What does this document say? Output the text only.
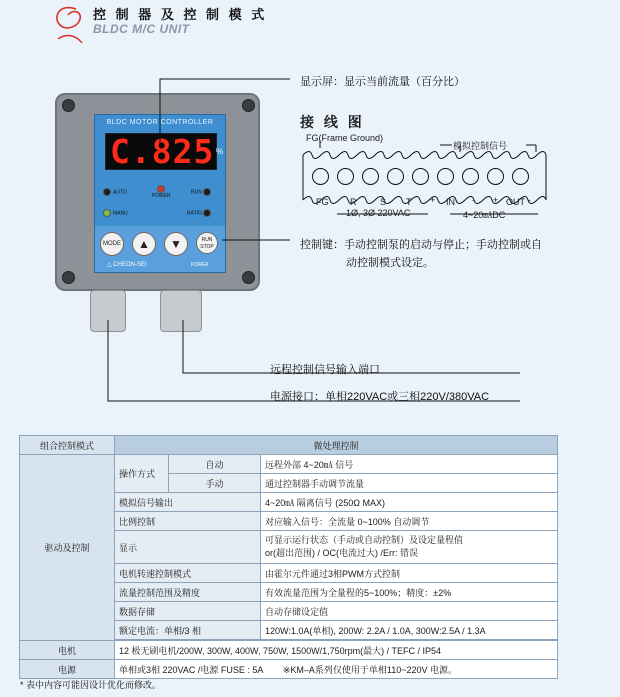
控 制 器 及 控 制 模 式
BLDC M/C UNIT
BLDC MOTOR CONTROLLER
C.825 %
AUTO

POWER
RUN
MANU	RATIO
MODE	▲	▼	RUN
STOP
△ CHEON-SEI	KOREA
显示屏：显示当前流量（百分比）
控制键：手动控制泵的启动与停止；手动控制或自
动控制模式设定。
远程控制信号输入端口
电源接口：单相220VAC或三相220V/380VAC
接 线 图
FG(Frame Ground)
模拟控制信号
FG R	S T + IN - + OUT -
1Ø, 3Ø 220VAC	4~20㎃DC
组合控制模式	微处理控制		
驱动及控制	操作方式	自动	远程外部 4~20㎃ 信号
		手动	通过控制器手动调节流量
	模拟信号输出		4~20㎃ 隔离信号 (250Ω MAX)
	比例控制		对应输入信号：全流量 0~100% 自动调节
	显示		可显示运行状态（手动或自动控制）及设定量程值
or(超出范围) / OC(电流过大) /Err: 错误
	电机转速控制模式		由霍尔元件通过3相PWM方式控制
	流量控制范围及精度		有效流量范围为全量程的5~100%；精度：±2%
	数据存储		自动存储设定值
	额定电流：单相/3 相		120W:1.0A(单相), 200W: 2.2A / 1.0A, 300W:2.5A / 1.3A

电机	12 极无刷电机/200W, 300W, 400W, 750W, 1500W/1,750rpm(最大) / TEFC / IP54		
电源	单相或3相 220VAC /电源 FUSE : 5A        ※KM–A系列仅使用于单相110~220V 电源。		
* 表中内容可能因设计优化而修改。
